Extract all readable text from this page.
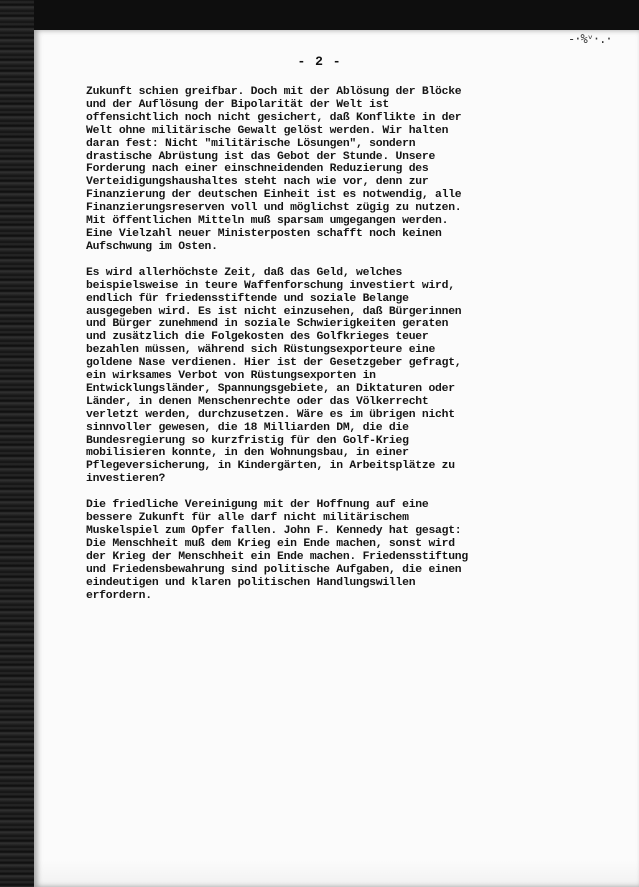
-·%ᵛ·.·
- 2 -
Zukunft schien greifbar. Doch mit der Ablösung der Blöcke
und der Auflösung der Bipolarität der Welt ist
offensichtlich noch nicht gesichert, daß Konflikte in der
Welt ohne militärische Gewalt gelöst werden. Wir halten
daran fest: Nicht "militärische Lösungen", sondern
drastische Abrüstung ist das Gebot der Stunde. Unsere
Forderung nach einer einschneidenden Reduzierung des
Verteidigungshaushaltes steht nach wie vor, denn zur
Finanzierung der deutschen Einheit ist es notwendig, alle
Finanzierungsreserven voll und möglichst zügig zu nutzen.
Mit öffentlichen Mitteln muß sparsam umgegangen werden.
Eine Vielzahl neuer Ministerposten schafft noch keinen
Aufschwung im Osten.
Es wird allerhöchste Zeit, daß das Geld, welches
beispielsweise in teure Waffenforschung investiert wird,
endlich für friedensstiftende und soziale Belange
ausgegeben wird. Es ist nicht einzusehen, daß Bürgerinnen
und Bürger zunehmend in soziale Schwierigkeiten geraten
und zusätzlich die Folgekosten des Golfkrieges teuer
bezahlen müssen, während sich Rüstungsexporteure eine
goldene Nase verdienen. Hier ist der Gesetzgeber gefragt,
ein wirksames Verbot von Rüstungsexporten in
Entwicklungsländer, Spannungsgebiete, an Diktaturen oder
Länder, in denen Menschenrechte oder das Völkerrecht
verletzt werden, durchzusetzen. Wäre es im übrigen nicht
sinnvoller gewesen, die 18 Milliarden DM, die die
Bundesregierung so kurzfristig für den Golf-Krieg
mobilisieren konnte, in den Wohnungsbau, in einer
Pflegeversicherung, in Kindergärten, in Arbeitsplätze zu
investieren?
Die friedliche Vereinigung mit der Hoffnung auf eine
bessere Zukunft für alle darf nicht militärischem
Muskelspiel zum Opfer fallen. John F. Kennedy hat gesagt:
Die Menschheit muß dem Krieg ein Ende machen, sonst wird
der Krieg der Menschheit ein Ende machen. Friedensstiftung
und Friedensbewahrung sind politische Aufgaben, die einen
eindeutigen und klaren politischen Handlungswillen
erfordern.
